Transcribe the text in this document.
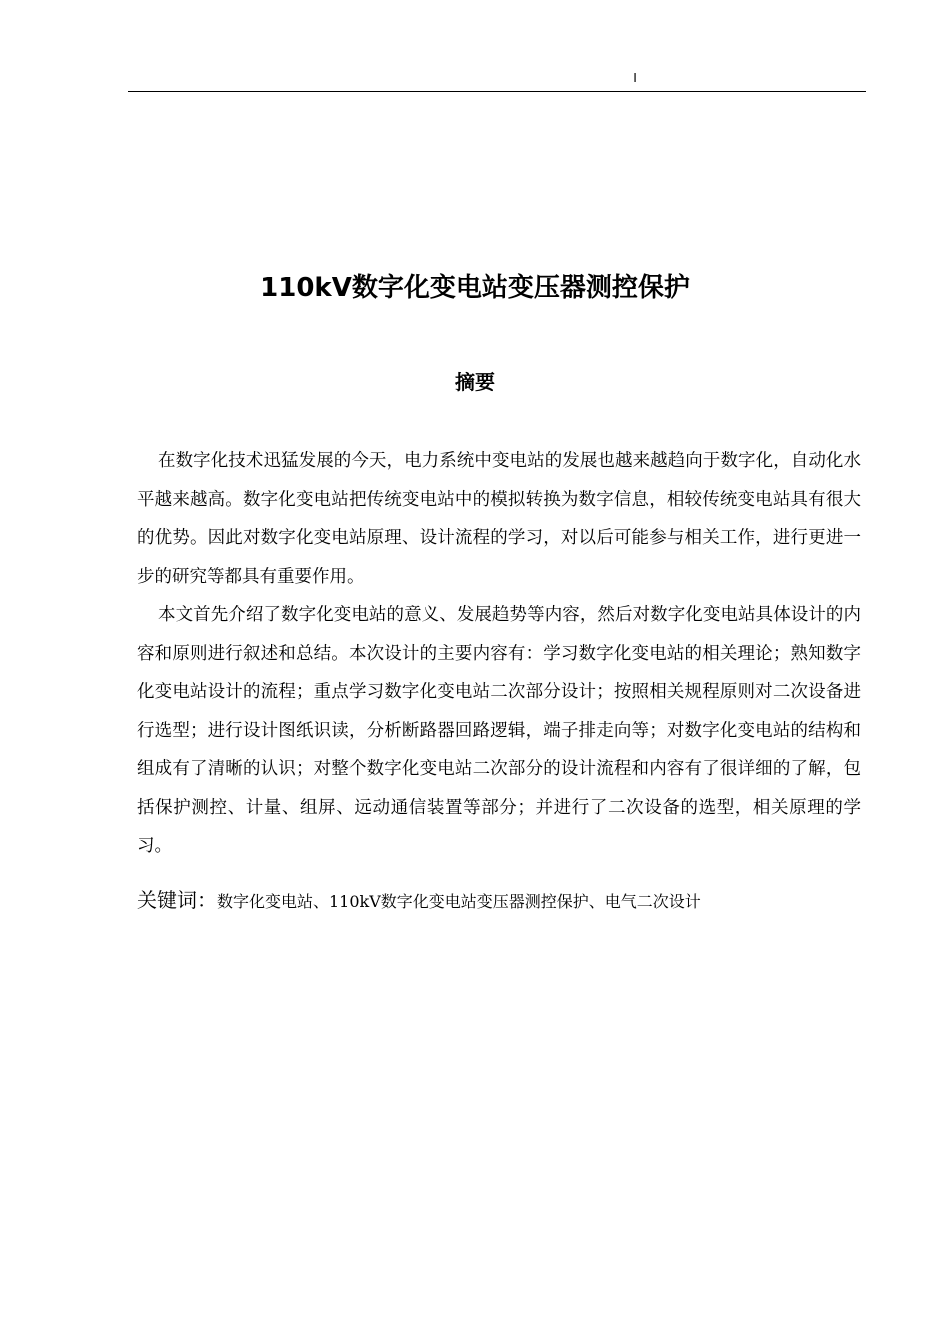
I
110kV数字化变电站变压器测控保护
摘要

在数字化技术迅猛发展的今天，电力系统中变电站的发展也越来越趋向于数字化，自动化水平越来越高。数字化变电站把传统变电站中的模拟转换为数字信息，相较传统变电站具有很大的优势。因此对数字化变电站原理、设计流程的学习，对以后可能参与相关工作，进行更进一步的研究等都具有重要作用。

本文首先介绍了数字化变电站的意义、发展趋势等内容，然后对数字化变电站具体设计的内容和原则进行叙述和总结。本次设计的主要内容有：学习数字化变电站的相关理论；熟知数字化变电站设计的流程；重点学习数字化变电站二次部分设计；按照相关规程原则对二次设备进行选型；进行设计图纸识读，分析断路器回路逻辑，端子排走向等；对数字化变电站的结构和组成有了清晰的认识；对整个数字化变电站二次部分的设计流程和内容有了很详细的了解，包括保护测控、计量、组屏、远动通信装置等部分；并进行了二次设备的选型，相关原理的学习。

关键词：数字化变电站、110kV数字化变电站变压器测控保护、电气二次设计
